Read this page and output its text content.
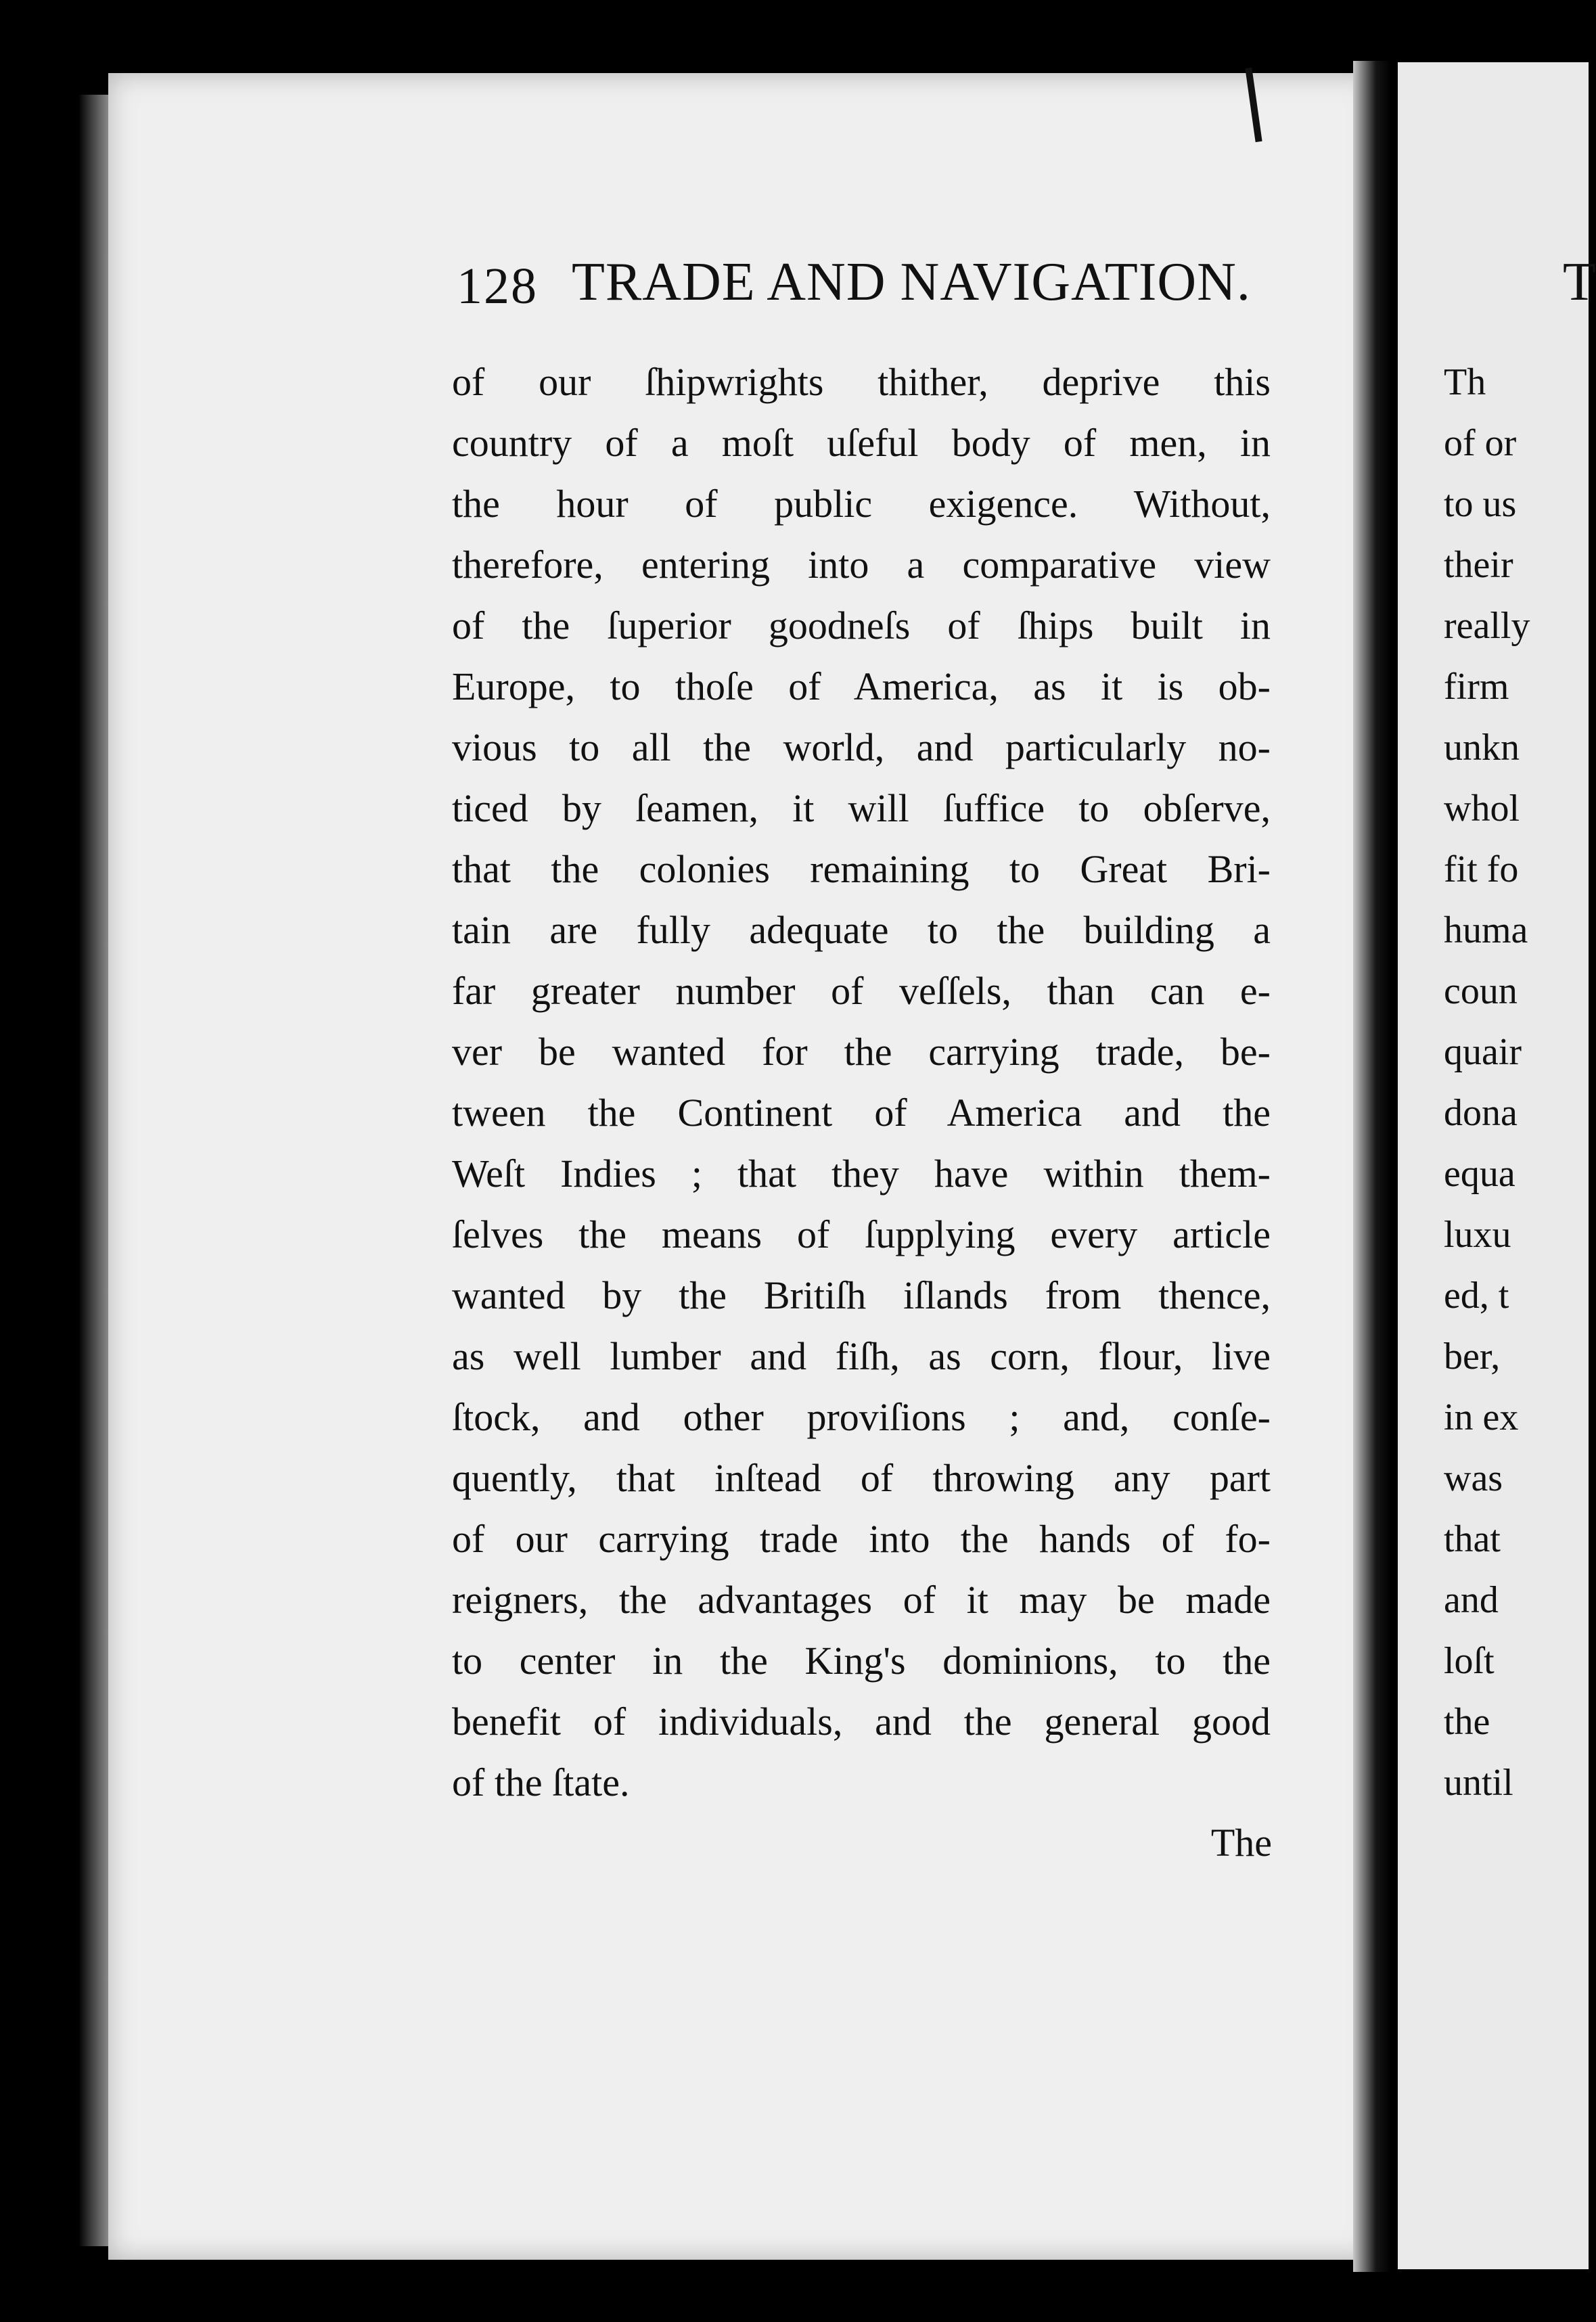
128 TRADE AND NAVIGATION.
of our ſhipwrights thither, deprive this
country of a moſt uſeful body of men, in
the hour of public exigence. Without,
therefore, entering into a comparative view
of the ſuperior goodneſs of ſhips built in
Europe, to thoſe of America, as it is ob-
vious to all the world, and particularly no-
ticed by ſeamen, it will ſuffice to obſerve,
that the colonies remaining to Great Bri-
tain are fully adequate to the building a
far greater number of veſſels, than can e-
ver be wanted for the carrying trade, be-
tween the Continent of America and the
Weſt Indies ; that they have within them-
ſelves the means of ſupplying every article
wanted by the Britiſh iſlands from thence,
as well lumber and fiſh, as corn, flour, live
ſtock, and other proviſions ; and, conſe-
quently, that inſtead of throwing any part
of our carrying trade into the hands of fo-
reigners, the advantages of it may be made
to center in the King's dominions, to the
benefit of individuals, and the general good
of the ſtate.
The
T
Th
of or
to us
their
really
firm
unkn
whol
fit fo
huma
coun
quair
dona
equa
luxu
ed, t
ber,
in ex
was
that
and
loſt
the
until
